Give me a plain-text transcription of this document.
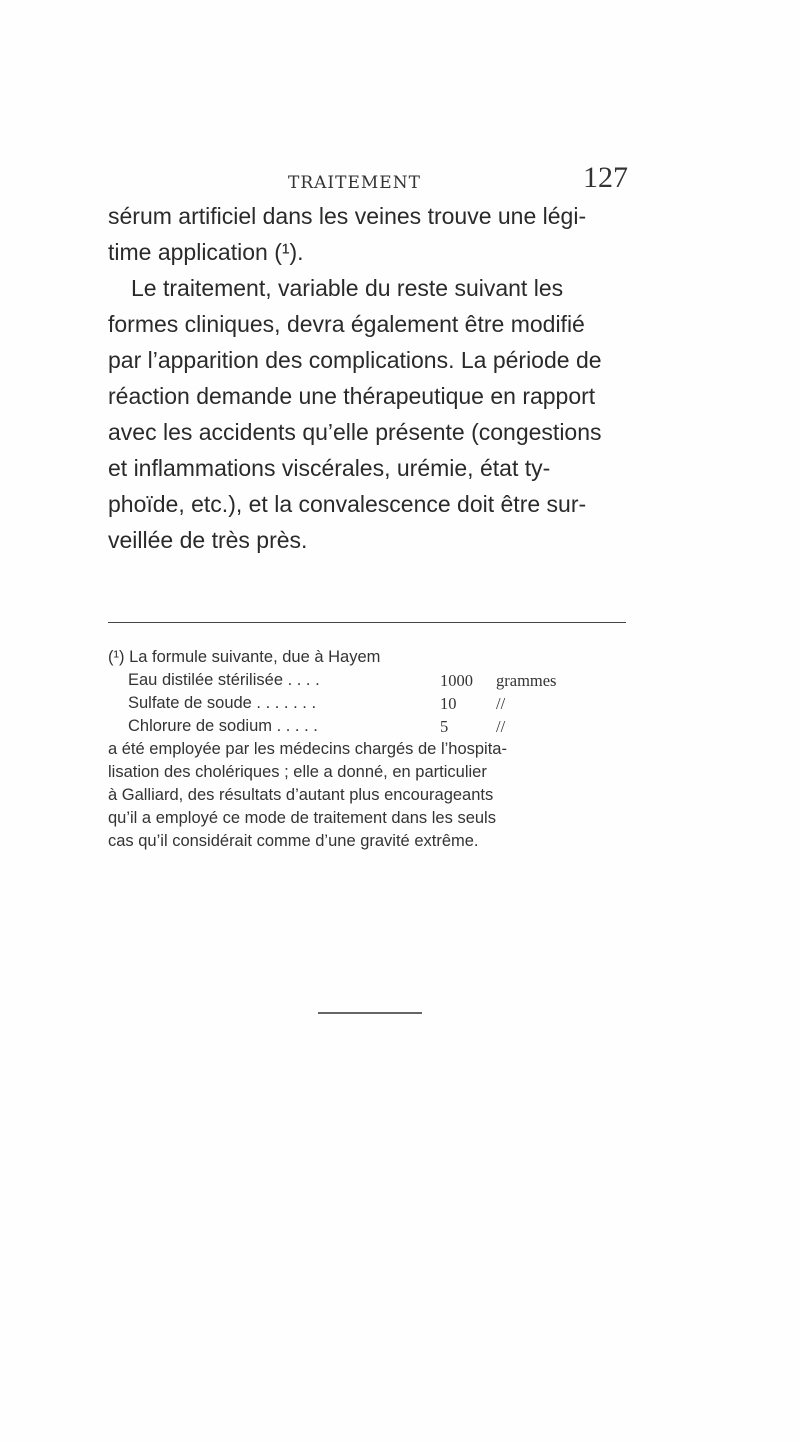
TRAITEMENT	127
sérum artificiel dans les veines trouve une légi-
time application (¹).
Le traitement, variable du reste suivant les
formes cliniques, devra également être modifié
par l’apparition des complications. La période de
réaction demande une thérapeutique en rapport
avec les accidents qu’elle présente (congestions
et inflammations viscérales, urémie, état ty-
phoïde, etc.), et la convalescence doit être sur-
veillée de très près.
(¹) La formule suivante, due à Hayem
Eau distilée stérilisée . . . .	1000	grammes
Sulfate de soude . . . . . . .	10	//
Chlorure de sodium . . . . .	5	//
a été employée par les médecins chargés de l’hospita-
lisation des cholériques ; elle a donné, en particulier
à Galliard, des résultats d’autant plus encourageants
qu’il a employé ce mode de traitement dans les seuls
cas qu’il considérait comme d’une gravité extrême.
